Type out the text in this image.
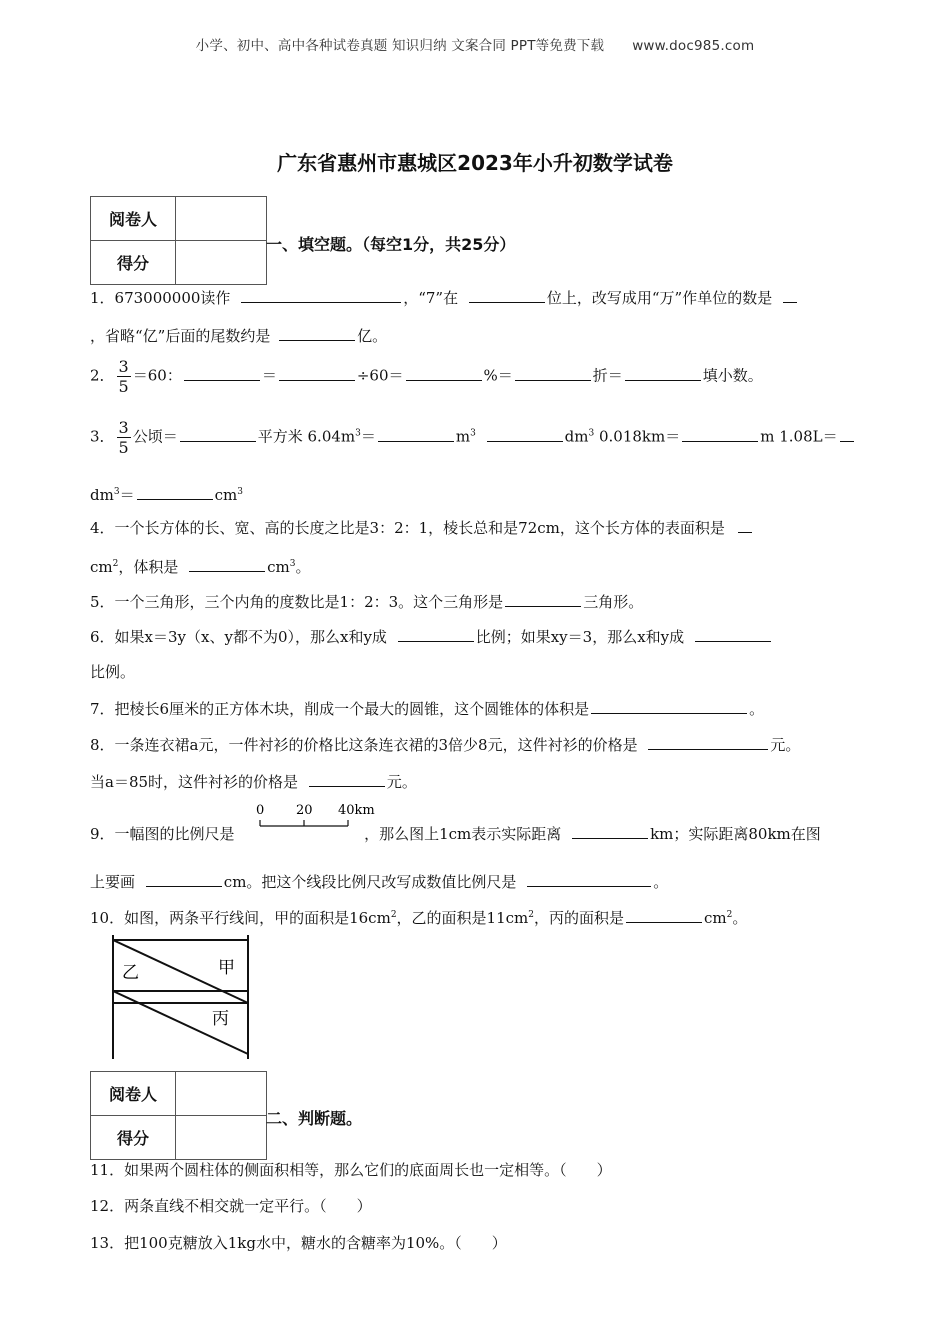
小学、初中、高中各种试卷真题 知识归纳 文案合同 PPT等免费下载 www.doc985.com
广东省惠州市惠城区2023年小升初数学试卷
阅卷人	
得分	
一、填空题。（每空1分，共25分）
1．673000000读作	，“7”在	位上，改写成用“万”作单位的数是
，省略“亿”后面的尾数约是	亿。
2． $\frac{3}{5} =60$：	＝	÷60＝	%＝	折＝	填小数。
3． $\frac{3}{5}$ 公顷＝	平方米 $6.04m^3=$	$m^3$	$dm^3$ 0.018km＝	m 1.08L＝
$dm^3=$	$cm^3$
4．一个长方体的长、宽、高的长度之比是3：2：1，棱长总和是72cm，这个长方体的表面积是
$cm^2$，体积是	$cm^3$。
5．一个三角形，三个内角的度数比是1：2：3。这个三角形是	三角形。
6．如果x＝3y（x、y都不为0），那么x和y成	比例；如果xy＝3，那么x和y成
比例。
7．把棱长6厘米的正方体木块，削成一个最大的圆锥，这个圆锥体的体积是	。
8．一条连衣裙a元，一件衬衫的价格比这条连衣裙的3倍少8元，这件衬衫的价格是	元。
当a＝85时，这件衬衫的价格是	元。
9．一幅图的比例尺是	，那么图上1cm表示实际距离	km；实际距离80km在图
0 20 40km
上要画	cm。把这个线段比例尺改写成数值比例尺是	。
10．如图，两条平行线间，甲的面积是$16cm^2$，乙的面积是$11cm^2$，丙的面积是	$cm^2$。
甲
乙
丙
阅卷人	
得分	
二、判断题。
11．如果两个圆柱体的侧面积相等，那么它们的底面周长也一定相等。（　　）
12．两条直线不相交就一定平行。（　　）
13．把100克糖放入1kg水中，糖水的含糖率为10%。（　　）
